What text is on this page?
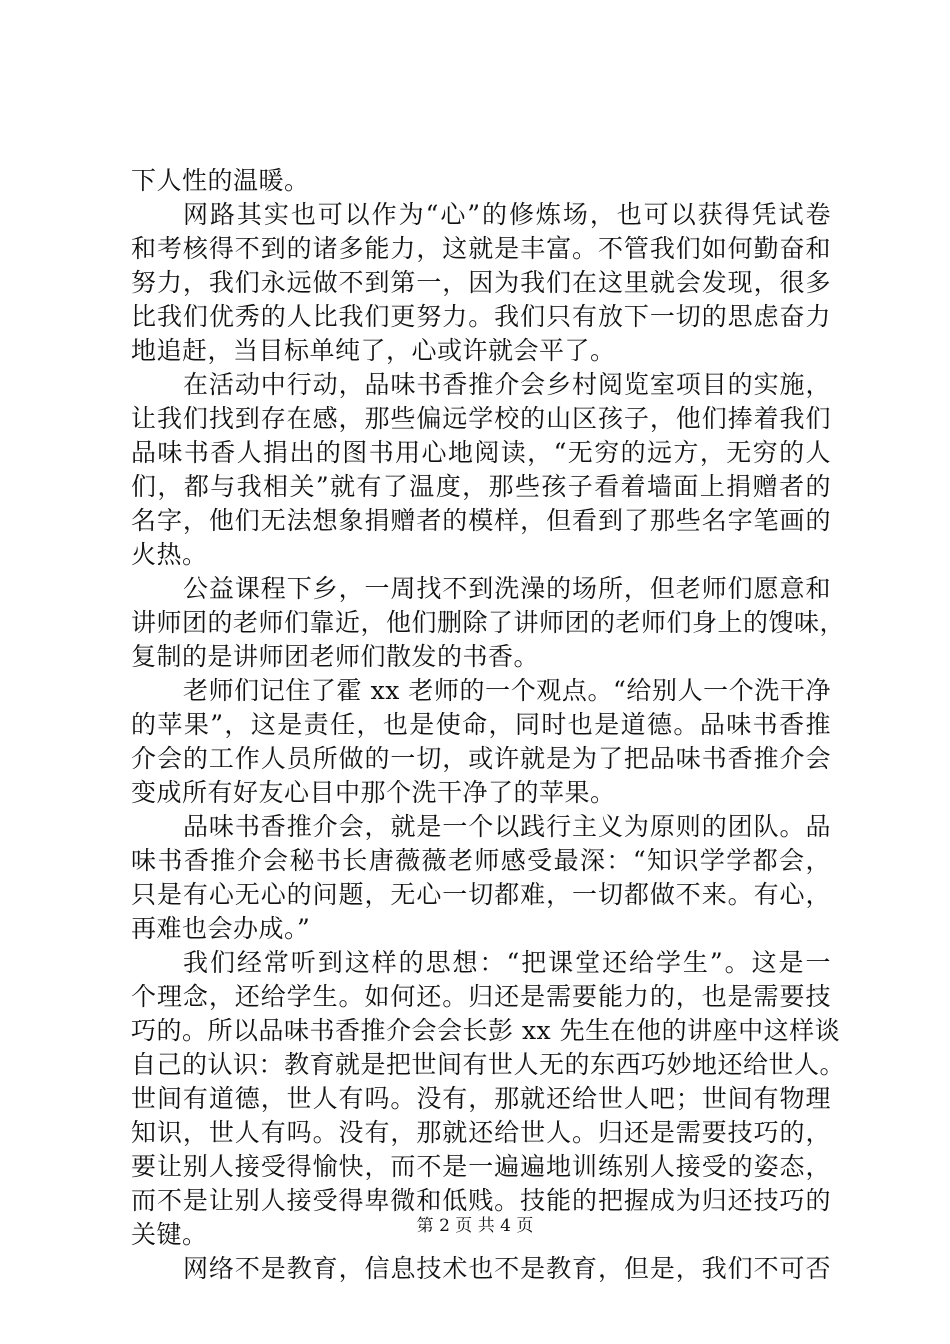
下人性的温暖。
网路其实也可以作为“心”的修炼场，也可以获得凭试卷
和考核得不到的诸多能力，这就是丰富。不管我们如何勤奋和
努力，我们永远做不到第一，因为我们在这里就会发现，很多
比我们优秀的人比我们更努力。我们只有放下一切的思虑奋力
地追赶，当目标单纯了，心或许就会平了。
在活动中行动，品味书香推介会乡村阅览室项目的实施，
让我们找到存在感，那些偏远学校的山区孩子，他们捧着我们
品味书香人捐出的图书用心地阅读，“无穷的远方，无穷的人
们，都与我相关”就有了温度，那些孩子看着墙面上捐赠者的
名字，他们无法想象捐赠者的模样，但看到了那些名字笔画的
火热。
公益课程下乡，一周找不到洗澡的场所，但老师们愿意和
讲师团的老师们靠近，他们删除了讲师团的老师们身上的馊味，
复制的是讲师团老师们散发的书香。
老师们记住了霍 xx 老师的一个观点。“给别人一个洗干净
的苹果”，这是责任，也是使命，同时也是道德。品味书香推
介会的工作人员所做的一切，或许就是为了把品味书香推介会
变成所有好友心目中那个洗干净了的苹果。
品味书香推介会，就是一个以践行主义为原则的团队。品
味书香推介会秘书长唐薇薇老师感受最深：“知识学学都会，
只是有心无心的问题，无心一切都难，一切都做不来。有心，
再难也会办成。”
我们经常听到这样的思想：“把课堂还给学生”。这是一
个理念，还给学生。如何还。归还是需要能力的，也是需要技
巧的。所以品味书香推介会会长彭 xx 先生在他的讲座中这样谈
自己的认识：教育就是把世间有世人无的东西巧妙地还给世人。
世间有道德，世人有吗。没有，那就还给世人吧；世间有物理
知识，世人有吗。没有，那就还给世人。归还是需要技巧的，
要让别人接受得愉快，而不是一遍遍地训练别人接受的姿态，
而不是让别人接受得卑微和低贱。技能的把握成为归还技巧的
关键。
网络不是教育，信息技术也不是教育，但是，我们不可否
第 2 页 共 4 页
